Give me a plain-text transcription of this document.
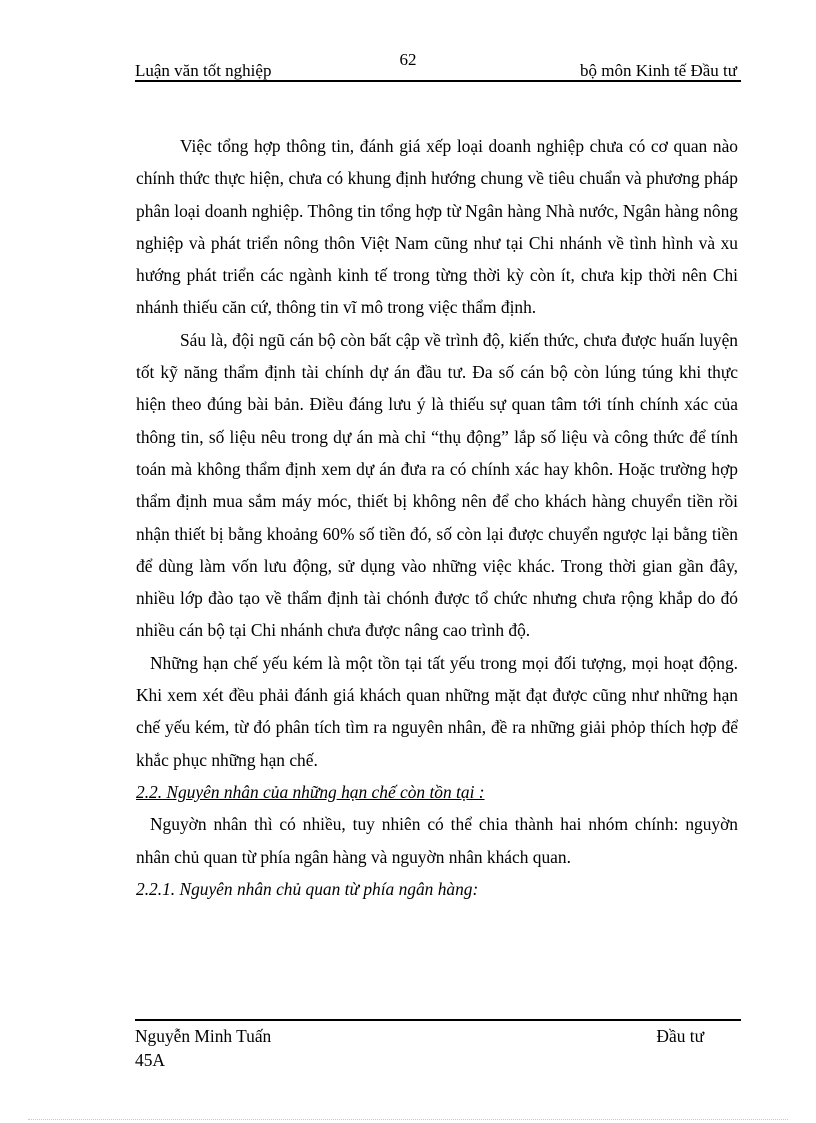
62
Luận văn tốt nghiệp	bộ môn Kinh tế Đầu tư

Việc tổng hợp thông tin, đánh giá xếp loại doanh nghiệp chưa có cơ quan nào chính thức thực hiện, chưa có khung định hướng chung về tiêu chuẩn và phương pháp phân loại doanh nghiệp. Thông tin tổng hợp từ Ngân hàng Nhà nước, Ngân hàng nông nghiệp và phát triển nông thôn Việt Nam cũng như tại Chi nhánh về tình hình và xu hướng phát triển các ngành kinh tế trong từng thời kỳ còn ít, chưa kịp thời nên Chi nhánh thiếu căn cứ, thông tin vĩ mô trong việc thẩm định.

Sáu là, đội ngũ cán bộ còn bất cập về trình độ, kiến thức, chưa được huấn luyện tốt kỹ năng thẩm định tài chính dự án đầu tư. Đa số cán bộ còn lúng túng khi thực hiện theo đúng bài bản. Điều đáng lưu ý là thiếu sự quan tâm tới tính chính xác của thông tin, số liệu nêu trong dự án mà chỉ “thụ động” lắp số liệu và công thức để tính toán mà không thẩm định xem dự án đưa ra có chính xác hay khôn. Hoặc trường hợp thẩm định mua sắm máy móc, thiết bị không nên để cho khách hàng chuyển tiền rồi nhận thiết bị bằng khoảng 60% số tiền đó, số còn lại được chuyển ngược lại bằng tiền để dùng làm vốn lưu động, sử dụng vào những việc khác. Trong thời gian gần đây, nhiều lớp đào tạo về thẩm định tài chónh được tổ chức nhưng chưa rộng khắp do đó nhiều cán bộ tại Chi nhánh chưa được nâng cao trình độ.

Những hạn chế yếu kém là một tồn tại tất yếu trong mọi đối tượng, mọi hoạt động. Khi xem xét đều phải đánh giá khách quan những mặt đạt được cũng như những hạn chế yếu kém, từ đó phân tích tìm ra nguyên nhân, đề ra những giải phỏp thích hợp để khắc phục những hạn chế.

2.2. Nguyên nhân của những hạn chế còn tồn tại :

Nguyờn nhân thì có nhiều, tuy nhiên có thể chia thành hai nhóm chính: nguyờn nhân chủ quan từ phía ngân hàng và nguyờn nhân khách quan.

2.2.1. Nguyên nhân chủ quan từ phía ngân hàng:

Nguyễn Minh Tuấn
45A
Đầu tư
